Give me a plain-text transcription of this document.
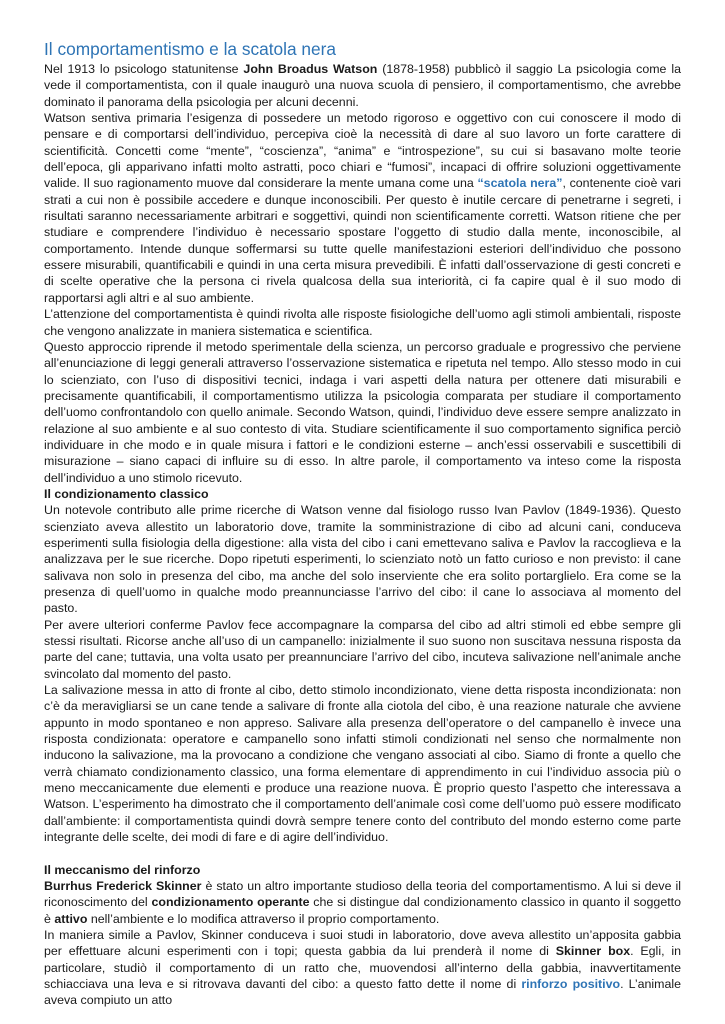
Il comportamentismo e la scatola nera

Nel 1913 lo psicologo statunitense John Broadus Watson (1878-1958) pubblicò il saggio La psicologia come la vede il comportamentista, con il quale inaugurò una nuova scuola di pensiero, il comportamentismo, che avrebbe dominato il panorama della psicologia per alcuni decenni.

Watson sentiva primaria l’esigenza di possedere un metodo rigoroso e oggettivo con cui conoscere il modo di pensare e di comportarsi dell’individuo, percepiva cioè la necessità di dare al suo lavoro un forte carattere di scientificità. Concetti come “mente”, “coscienza”, “anima” e “introspezione”, su cui si basavano molte teorie dell’epoca, gli apparivano infatti molto astratti, poco chiari e “fumosi”, incapaci di offrire soluzioni oggettivamente valide. Il suo ragionamento muove dal considerare la mente umana come una “scatola nera”, contenente cioè vari strati a cui non è possibile accedere e dunque inconoscibili. Per questo è inutile cercare di penetrarne i segreti, i risultati saranno necessariamente arbitrari e soggettivi, quindi non scientificamente corretti. Watson ritiene che per studiare e comprendere l’individuo è necessario spostare l’oggetto di studio dalla mente, inconoscibile, al comportamento. Intende dunque soffermarsi su tutte quelle manifestazioni esteriori dell’individuo che possono essere misurabili, quantificabili e quindi in una certa misura prevedibili. È infatti dall’osservazione di gesti concreti e di scelte operative che la persona ci rivela qualcosa della sua interiorità, ci fa capire qual è il suo modo di rapportarsi agli altri e al suo ambiente.

L’attenzione del comportamentista è quindi rivolta alle risposte fisiologiche dell’uomo agli stimoli ambientali, risposte che vengono analizzate in maniera sistematica e scientifica.

Questo approccio riprende il metodo sperimentale della scienza, un percorso graduale e progressivo che perviene all’enunciazione di leggi generali attraverso l’osservazione sistematica e ripetuta nel tempo. Allo stesso modo in cui lo scienziato, con l’uso di dispositivi tecnici, indaga i vari aspetti della natura per ottenere dati misurabili e precisamente quantificabili, il comportamentismo utilizza la psicologia comparata per studiare il comportamento dell’uomo confrontandolo con quello animale. Secondo Watson, quindi, l’individuo deve essere sempre analizzato in relazione al suo ambiente e al suo contesto di vita. Studiare scientificamente il suo comportamento significa perciò individuare in che modo e in quale misura i fattori e le condizioni esterne – anch’essi osservabili e suscettibili di misurazione – siano capaci di influire su di esso. In altre parole, il comportamento va inteso come la risposta dell’individuo a uno stimolo ricevuto.

Il condizionamento classico

Un notevole contributo alle prime ricerche di Watson venne dal fisiologo russo Ivan Pavlov (1849-1936). Questo scienziato aveva allestito un laboratorio dove, tramite la somministrazione di cibo ad alcuni cani, conduceva esperimenti sulla fisiologia della digestione: alla vista del cibo i cani emettevano saliva e Pavlov la raccoglieva e la analizzava per le sue ricerche. Dopo ripetuti esperimenti, lo scienziato notò un fatto curioso e non previsto: il cane salivava non solo in presenza del cibo, ma anche del solo inserviente che era solito portarglielo. Era come se la presenza di quell’uomo in qualche modo preannunciasse l’arrivo del cibo: il cane lo associava al momento del pasto.

Per avere ulteriori conferme Pavlov fece accompagnare la comparsa del cibo ad altri stimoli ed ebbe sempre gli stessi risultati. Ricorse anche all’uso di un campanello: inizialmente il suo suono non suscitava nessuna risposta da parte del cane; tuttavia, una volta usato per preannunciare l’arrivo del cibo, incuteva salivazione nell’animale anche svincolato dal momento del pasto.

La salivazione messa in atto di fronte al cibo, detto stimolo incondizionato, viene detta risposta incondizionata: non c’è da meravigliarsi se un cane tende a salivare di fronte alla ciotola del cibo, è una reazione naturale che avviene appunto in modo spontaneo e non appreso. Salivare alla presenza dell’operatore o del campanello è invece una risposta condizionata: operatore e campanello sono infatti stimoli condizionati nel senso che normalmente non inducono la salivazione, ma la provocano a condizione che vengano associati al cibo. Siamo di fronte a quello che verrà chiamato condizionamento classico, una forma elementare di apprendimento in cui l’individuo associa più o meno meccanicamente due elementi e produce una reazione nuova. È proprio questo l’aspetto che interessava a Watson. L’esperimento ha dimostrato che il comportamento dell’animale così come dell’uomo può essere modificato dall’ambiente: il comportamentista quindi dovrà sempre tenere conto del contributo del mondo esterno come parte integrante delle scelte, dei modi di fare e di agire dell’individuo.

Il meccanismo del rinforzo

Burrhus Frederick Skinner è stato un altro importante studioso della teoria del comportamentismo. A lui si deve il riconoscimento del condizionamento operante che si distingue dal condizionamento classico in quanto il soggetto è attivo nell’ambiente e lo modifica attraverso il proprio comportamento.

In maniera simile a Pavlov, Skinner conduceva i suoi studi in laboratorio, dove aveva allestito un’apposita gabbia per effettuare alcuni esperimenti con i topi; questa gabbia da lui prenderà il nome di Skinner box. Egli, in particolare, studiò il comportamento di un ratto che, muovendosi all’interno della gabbia, inavvertitamente schiacciava una leva e si ritrovava davanti del cibo: a questo fatto dette il nome di rinforzo positivo. L’animale aveva compiuto un atto
